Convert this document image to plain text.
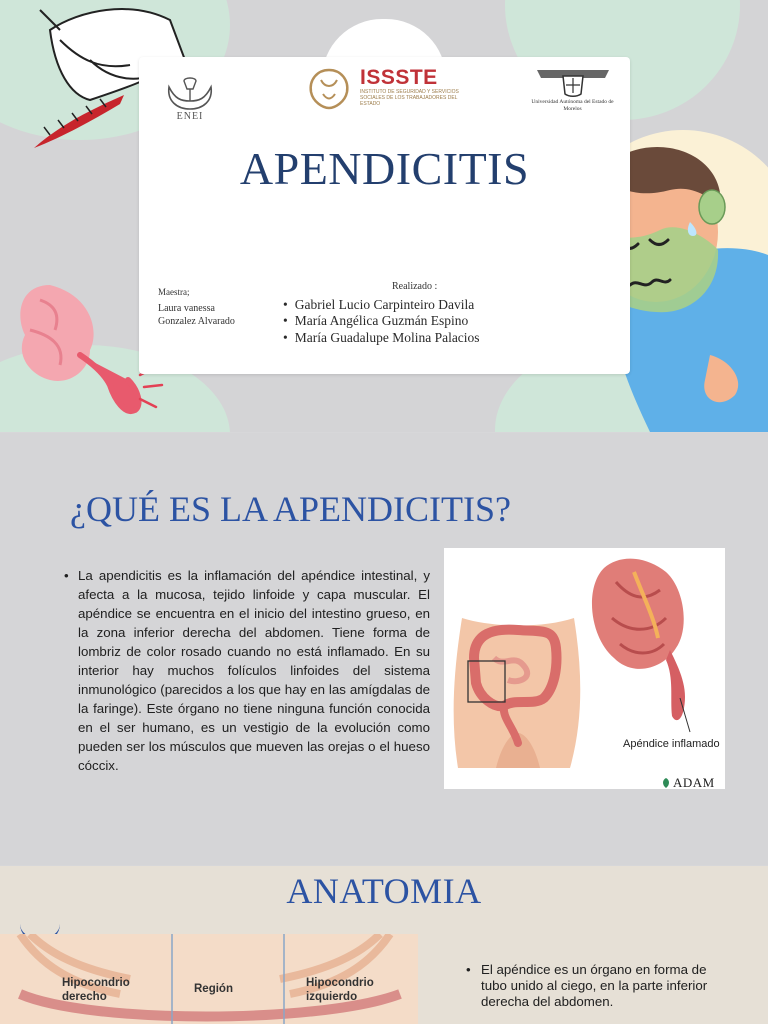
ENEI
ISSSTE
INSTITUTO DE SEGURIDAD Y SERVICIOS SOCIALES DE LOS TRABAJADORES DEL ESTADO	Universidad Autónoma del Estado de Morelos
APENDICITIS
Maestra;
Laura vanessa Gonzalez Alvarado
Realizado :
• Gabriel Lucio Carpinteiro Davila
• María Angélica Guzmán Espino
• María Guadalupe Molina Palacios
¿QUÉ ES LA APENDICITIS?
• La apendicitis es la inflamación del apéndice intestinal, y afecta a la mucosa, tejido linfoide y capa muscular. El apéndice se encuentra en el inicio del intestino grueso, en la zona inferior derecha del abdomen. Tiene forma de lombriz de color rosado cuando no está inflamado. En su interior hay muchos folículos linfoides del sistema inmunológico (parecidos a los que hay en las amígdalas de la faringe). Este órgano no tiene ninguna función conocida en el ser humano, es un vestigio de la evolución como pueden ser los músculos que mueven las orejas o el hueso cóccix.
Apéndice inflamado
ADAM
ANATOMIA
Hipocondrio derecho
Región	Hipocondrio izquierdo
• El apéndice es un órgano en forma de tubo unido al ciego, en la parte inferior derecha del abdomen.
